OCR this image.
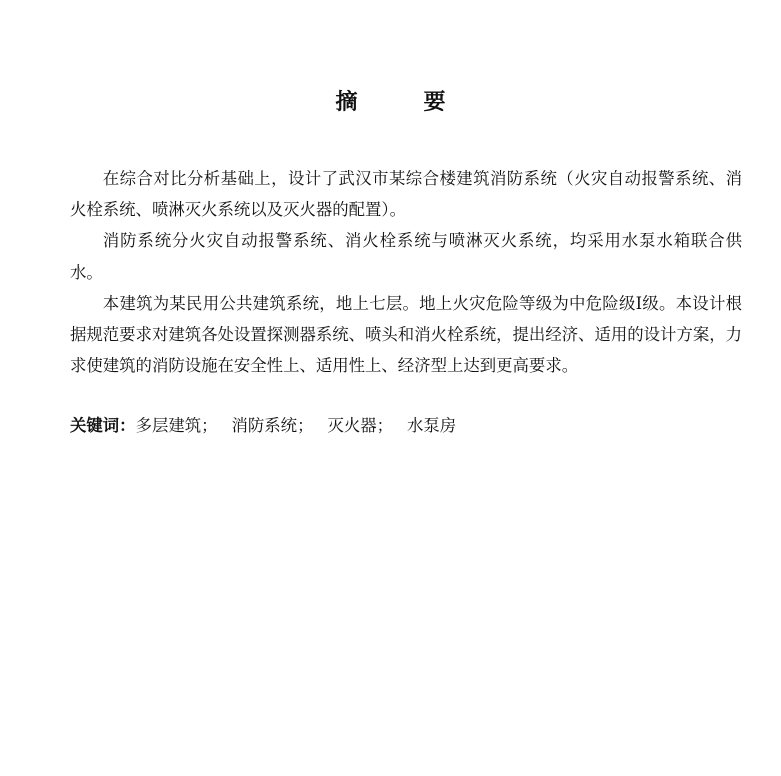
摘　要

在综合对比分析基础上，设计了武汉市某综合楼建筑消防系统（火灾自动报警系统、消火栓系统、喷淋灭火系统以及灭火器的配置）。

消防系统分火灾自动报警系统、消火栓系统与喷淋灭火系统，均采用水泵水箱联合供水。

本建筑为某民用公共建筑系统，地上七层。地上火灾危险等级为中危险级Ⅰ级。本设计根据规范要求对建筑各处设置探测器系统、喷头和消火栓系统，提出经济、适用的设计方案，力求使建筑的消防设施在安全性上、适用性上、经济型上达到更高要求。

关键词：多层建筑； 消防系统； 灭火器； 水泵房
